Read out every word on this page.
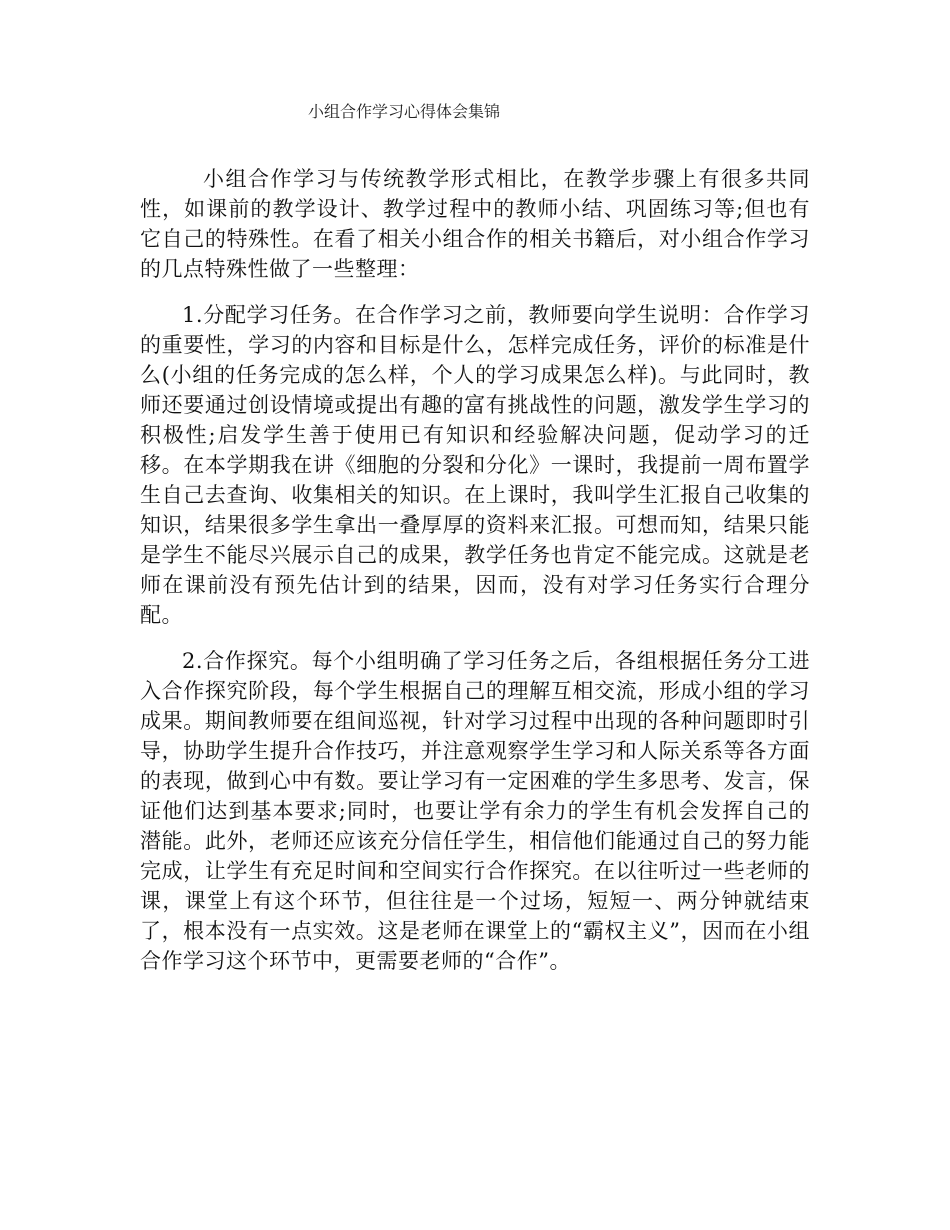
小组合作学习心得体会集锦

小组合作学习与传统教学形式相比，在教学步骤上有很多共同性，如课前的教学设计、教学过程中的教师小结、巩固练习等;但也有它自己的特殊性。在看了相关小组合作的相关书籍后，对小组合作学习的几点特殊性做了一些整理：

1.分配学习任务。在合作学习之前，教师要向学生说明：合作学习的重要性，学习的内容和目标是什么，怎样完成任务，评价的标准是什么(小组的任务完成的怎么样，个人的学习成果怎么样)。与此同时，教师还要通过创设情境或提出有趣的富有挑战性的问题，激发学生学习的积极性;启发学生善于使用已有知识和经验解决问题，促动学习的迁移。在本学期我在讲《细胞的分裂和分化》一课时，我提前一周布置学生自己去查询、收集相关的知识。在上课时，我叫学生汇报自己收集的知识，结果很多学生拿出一叠厚厚的资料来汇报。可想而知，结果只能是学生不能尽兴展示自己的成果，教学任务也肯定不能完成。这就是老师在课前没有预先估计到的结果，因而，没有对学习任务实行合理分配。

2.合作探究。每个小组明确了学习任务之后，各组根据任务分工进入合作探究阶段，每个学生根据自己的理解互相交流，形成小组的学习成果。期间教师要在组间巡视，针对学习过程中出现的各种问题即时引导，协助学生提升合作技巧，并注意观察学生学习和人际关系等各方面的表现，做到心中有数。要让学习有一定困难的学生多思考、发言，保证他们达到基本要求;同时，也要让学有余力的学生有机会发挥自己的潜能。此外，老师还应该充分信任学生，相信他们能通过自己的努力能完成，让学生有充足时间和空间实行合作探究。在以往听过一些老师的课，课堂上有这个环节，但往往是一个过场，短短一、两分钟就结束了，根本没有一点实效。这是老师在课堂上的“霸权主义”，因而在小组合作学习这个环节中，更需要老师的“合作”。
